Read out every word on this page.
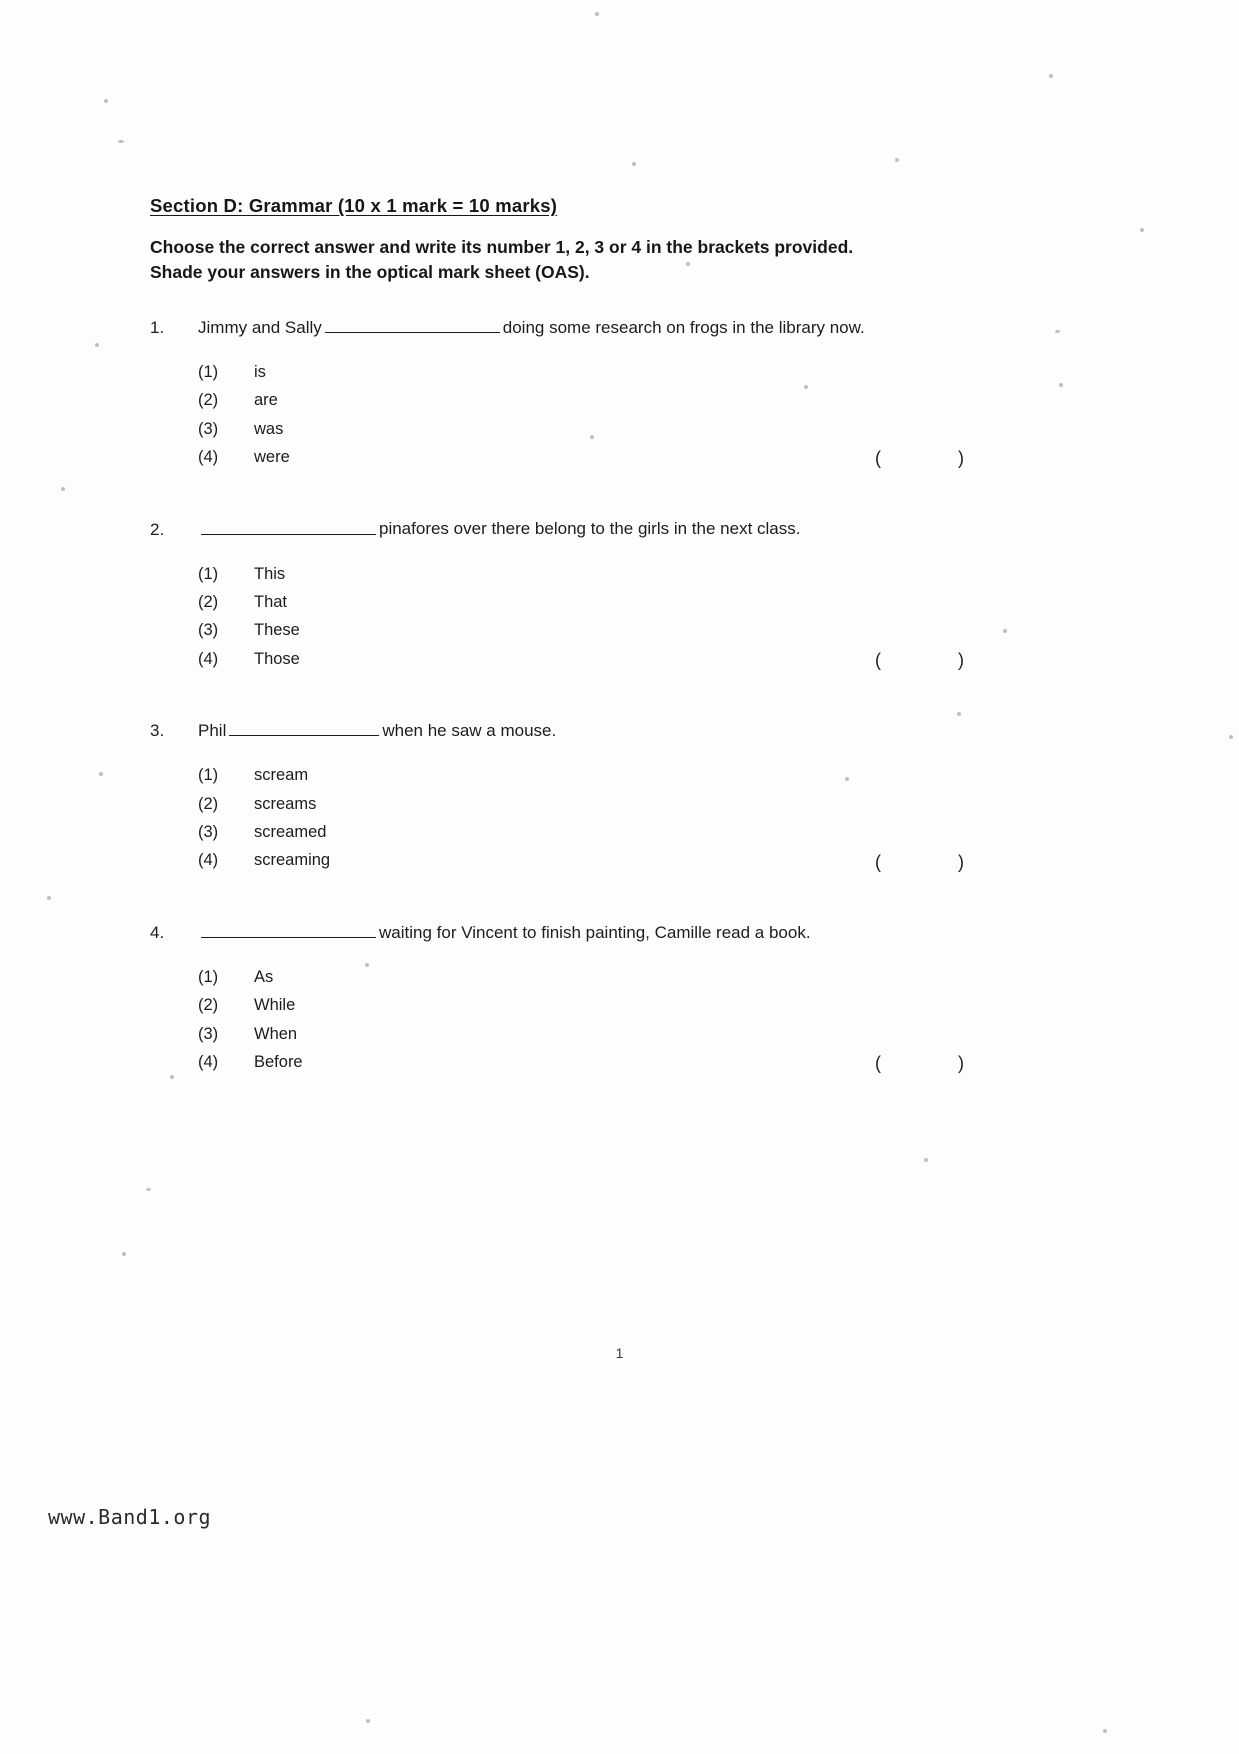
Section D: Grammar (10 x 1 mark = 10 marks)

Choose the correct answer and write its number 1, 2, 3 or 4 in the brackets provided.
Shade your answers in the optical mark sheet (OAS).

1.	Jimmy and Sally	doing some research on frogs in the library now.
(1)	is
(2)	are
(3)	was
(4)	were	( )
2.	pinafores over there belong to the girls in the next class.
(1)	This
(2)	That
(3)	These
(4)	Those	( )
3.	Phil	when he saw a mouse.
(1)	scream
(2)	screams
(3)	screamed
(4)	screaming	( )
4.	waiting for Vincent to finish painting, Camille read a book.
(1)	As
(2)	While
(3)	When
(4)	Before	( )
1
www.Band1.org
